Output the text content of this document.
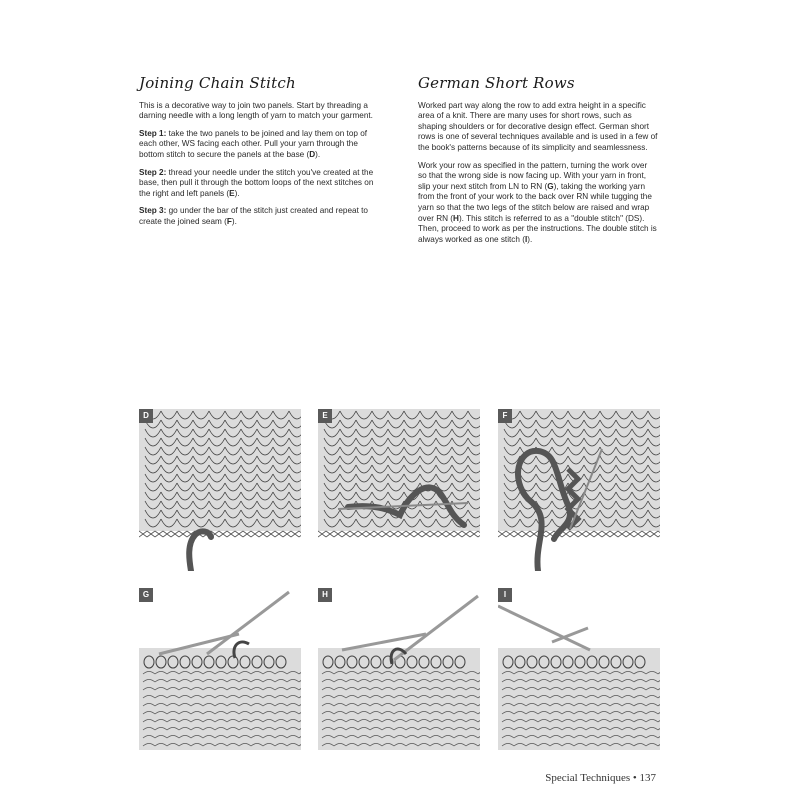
Joining Chain Stitch

This is a decorative way to join two panels. Start by threading a darning needle with a long length of yarn to match your garment.

Step 1: take the two panels to be joined and lay them on top of each other, WS facing each other. Pull your yarn through the bottom stitch to secure the panels at the base (D).

Step 2: thread your needle under the stitch you've created at the base, then pull it through the bottom loops of the next stitches on the right and left panels (E).

Step 3: go under the bar of the stitch just created and repeat to create the joined seam (F).

German Short Rows

Worked part way along the row to add extra height in a specific area of a knit. There are many uses for short rows, such as shaping shoulders or for decorative design effect. German short rows is one of several techniques available and is used in a few of the book's patterns because of its simplicity and seamlessness.

Work your row as specified in the pattern, turning the work over so that the wrong side is now facing up. With your yarn in front, slip your next stitch from LN to RN (G), taking the working yarn from the front of your work to the back over RN while tugging the yarn so that the two legs of the stitch below are raised and wrap over RN (H). This stitch is referred to as a "double stitch" (DS). Then, proceed to work as per the instructions. The double stitch is always worked as one stitch (I).

D	E	F
G	H	I
Special Techniques • 137
